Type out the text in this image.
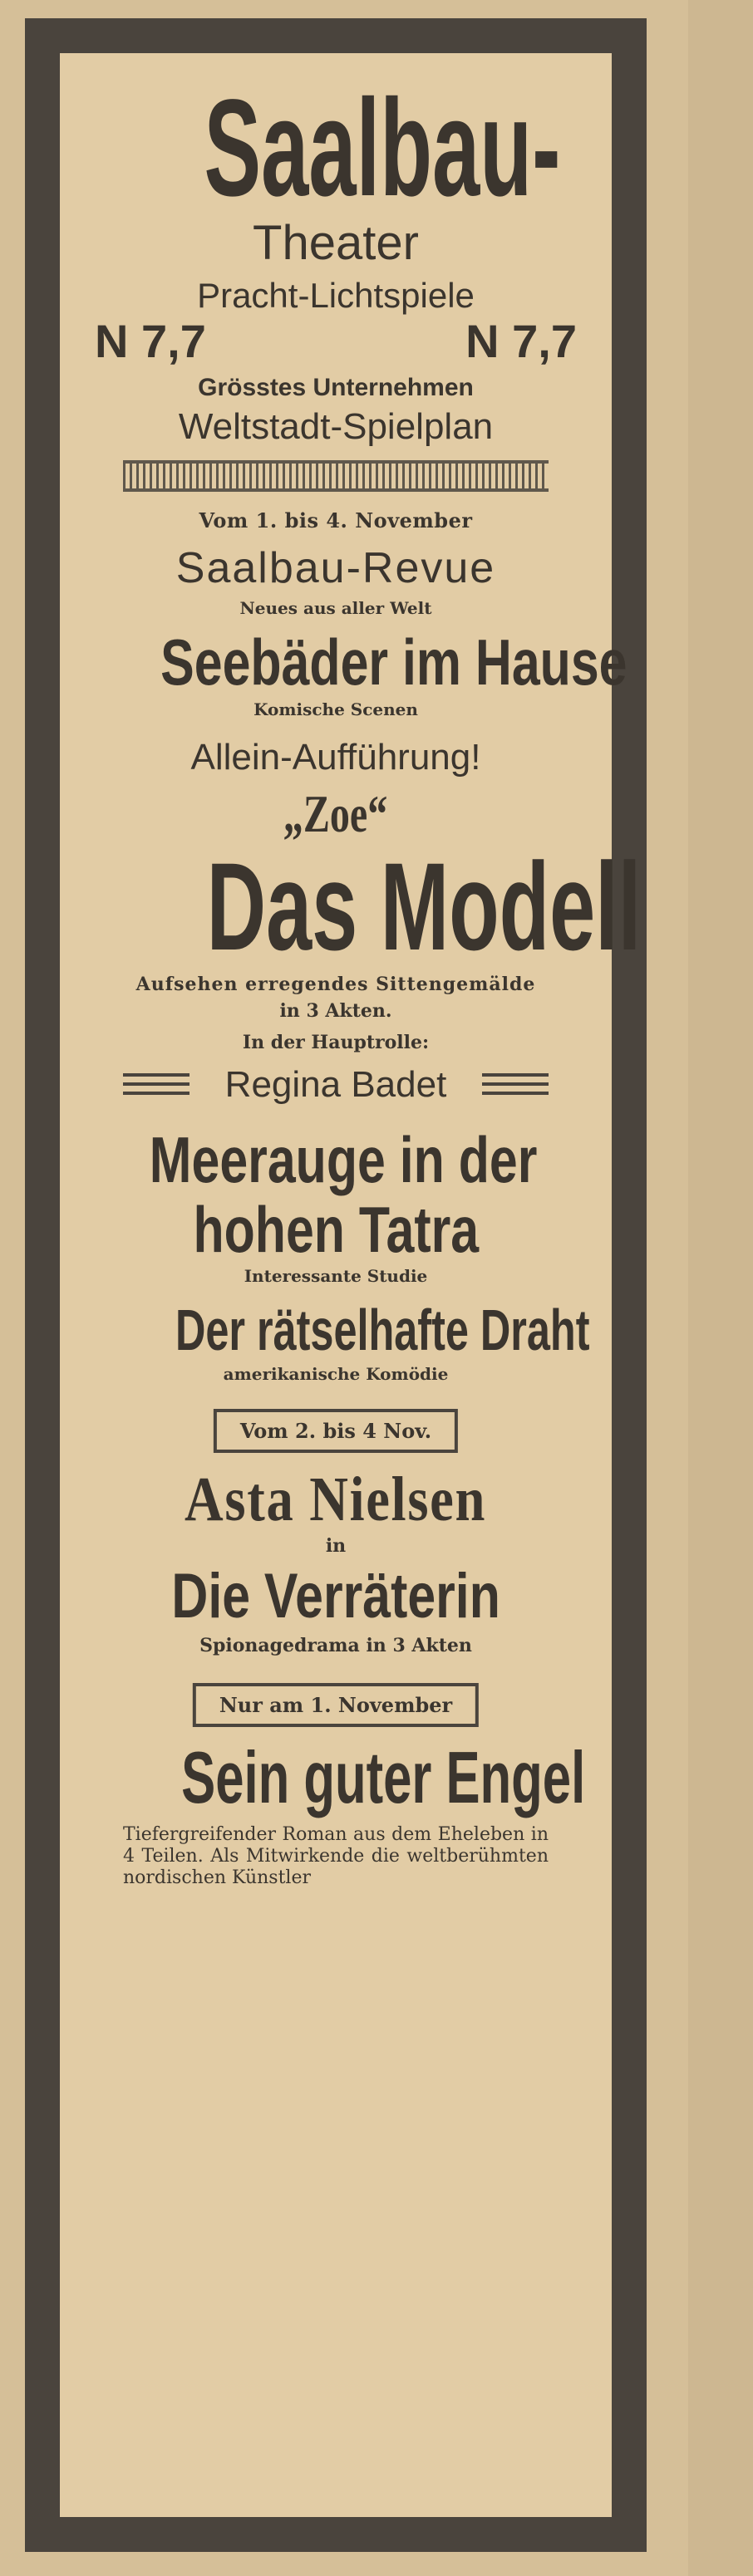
Saalbau-
Theater
Pracht-Lichtspiele
N 7,7	N 7,7
Grösstes Unternehmen
Weltstadt-Spielplan
Vom 1. bis 4. November
Saalbau-Revue
Neues aus aller Welt
Seebäder im Hause
Komische Scenen
Allein-Aufführung!
„Zoe“
Das Modell
Aufsehen erregendes Sittengemälde
in 3 Akten.
In der Hauptrolle:
Regina Badet
Meerauge in der
hohen Tatra
Interessante Studie
Der rätselhafte Draht
amerikanische Komödie
Vom 2. bis 4 Nov.
Asta Nielsen
in
Die Verräterin
Spionagedrama in 3 Akten
Nur am 1. November
Sein guter Engel
Tiefergreifender Roman aus dem Eheleben in 4 Teilen. Als Mitwirkende die weltberühmten nordischen Künstler
